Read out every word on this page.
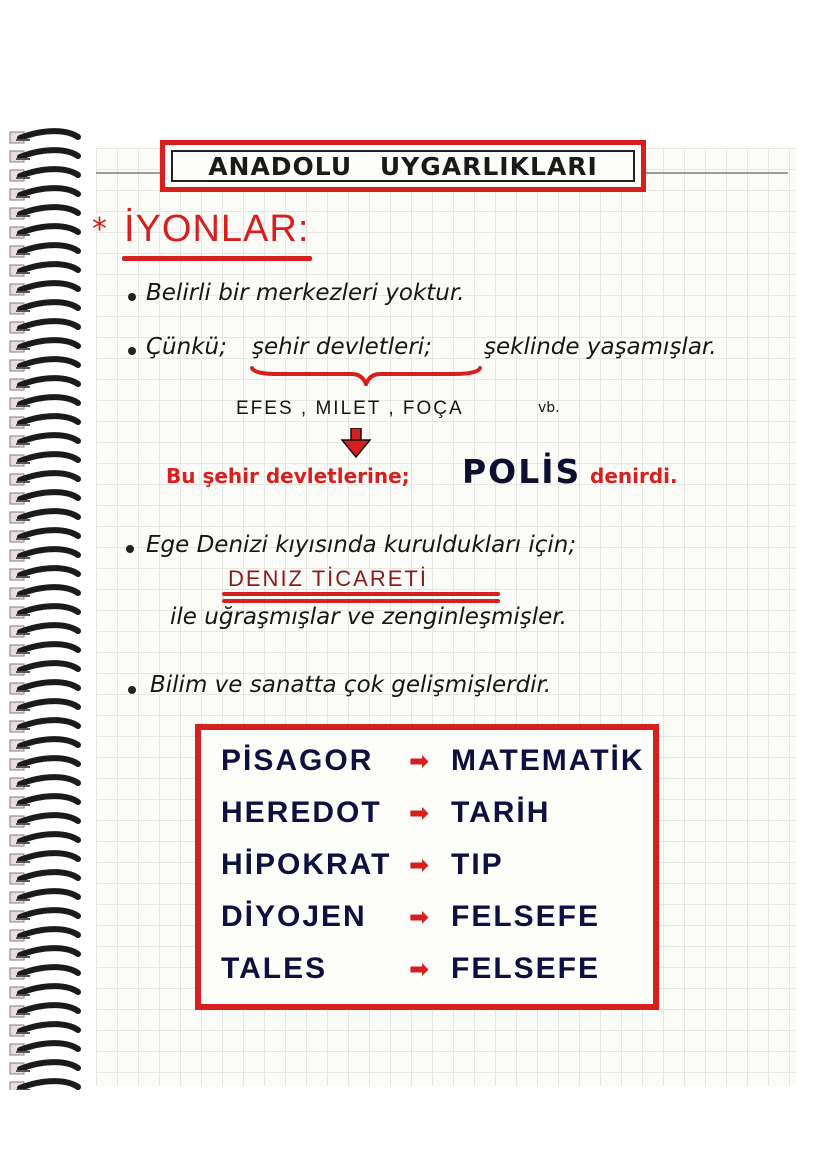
ANADOLU UYGARLIKLARI
* İYONLAR:
Belirli bir merkezleri yoktur.
Çünkü; şehir devletleri; şeklinde yaşamışlar.
EFES , MILET , FOÇA	vb.
Bu şehir devletlerine; POLİS denirdi.
Ege Denizi kıyısında kuruldukları için;
DENIZ TİCARETİ
ile uğraşmışlar ve zenginleşmişler.
Bilim ve sanatta çok gelişmişlerdir.
PİSAGOR ➡ MATEMATİK
HEREDOT ➡ TARİH
HİPOKRAT ➡ TIP
DİYOJEN ➡ FELSEFE
TALES	➡ FELSEFE
